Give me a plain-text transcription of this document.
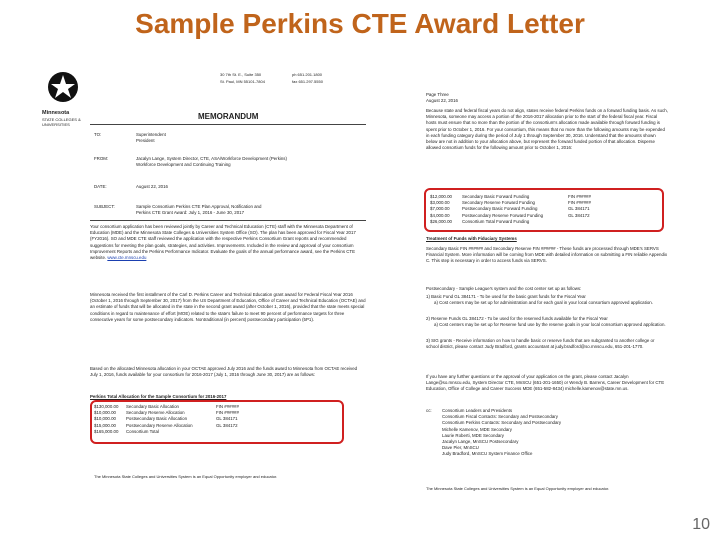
Sample Perkins CTE Award Letter
Minnesota
STATE COLLEGES & UNIVERSITIES
30 7th St. E., Suite 350
St. Paul, MN 55101-7804
ph 651.201.1800
fax 651.297.5550
MEMORANDUM
TO:	Superintendent
President
FROM:	Jacalyn Lange, System Director, CTE, ASA/Workforce Development (Perkins)
Workforce Development and Continuing Training
DATE:	August 22, 2016
SUBJECT:	Sample Consortium Perkins CTE Plan Approval, Notification and
Perkins CTE Grant Award: July 1, 2016 - June 30, 2017
Your consortium application has been reviewed jointly by Career and Technical Education (CTE) staff with the Minnesota Department of Education (MDE) and the Minnesota State Colleges & Universities System Office (SO). The plan has been approved for Fiscal Year 2017 (FY2016). SO and MDE CTE staff reviewed the application with the respective Perkins Consortium Grant reports and recommended suggestions for meeting the plan goals, strategies, and activities. Improvements. Included in the review and approval of your consortium Improvement Reports and the Perkins Performance Indicator. Evaluate the goals of the annual performance award, see the Perkins CTE website. www.cte.mnscu.edu
Minnesota received the first installment of the Carl D. Perkins Career and Technical Education grant award for Federal Fiscal Year 2016 (October 1, 2016 through September 30, 2017) from the US Department of Education, Office of Career and Technical Education (OCTAE) and an estimate of funds that will be allocated in the state in the second grant award (after October 1, 2016), provided that the state meets special conditions in regard to maintenance of effort (MOE) related to the state's failure to meet 90 percent of performance targets for three consecutive years for some postsecondary indicators. Nontraditional (in percent) postsecondary participation (5P1).
Based on the allocated Minnesota allocation in your OCTAE approved July 2016 and the funds award to Minnesota from OCTAE received July 1, 2016, funds available for your consortium for 2016-2017 (July 1, 2016 through June 30, 2017) are as follows:
Perkins Total Allocation for the Sample Consortium for 2016-2017
$130,000.00	Secondary Basic Allocation	FIN ######
$10,000.00	Secondary Reserve Allocation	FIN ######
$10,000.00	Postsecondary Basic Allocation	GL 384171
$15,000.00	Postsecondary Reserve Allocation	GL 384172
$165,000.00	Consortium Total
The Minnesota State Colleges and Universities System is an Equal Opportunity employer and educator.
Page Three
August 22, 2016
Because state and federal fiscal years do not align, states receive federal Perkins funds on a forward funding basis. As such, Minnesota, someone may access a portion of the 2016-2017 allocation prior to the start of the federal fiscal year. Fiscal hosts must ensure that no more than the portion of the consortium's allocation made available through forward funding is spent prior to October 1, 2016. For your consortium, this means that no more than the following amounts may be expended in each funding category during the period of July 1 through September 30, 2016. Understand that the amounts shown below are not in addition to your allocation above, but represent the forward funded portion of that allocation. Disperse allowed consortium funds for the following amount prior to October 1, 2016:
$12,000.00	Secondary Basic Forward Funding	FIN ######
$3,000.00	Secondary Reserve Forward Funding	FIN ######
$7,000.00	Postsecondary Basic Forward Funding	GL 384171
$4,000.00	Postsecondary Reserve Forward Funding	GL 384172
$26,000.00	Consortium Total Forward Funding
Treatment of Funds with Fiduciary Systems
Secondary Basic FIN ###### and Secondary Reserve FIN ###### - These funds are processed through MDE's SERVS Financial System. More information will be coming from MDE with detailed information on submitting a FIN reliable Appendix C. This step is necessary in order to access funds via SERVS.
Postsecondary - Sample League's system and the cost center set up as follows:
1) Basic Fund GL 384171 - To be used for the basic grant funds for the Fiscal Year
a) Cost centers may be set up for administration and for each goal in your local consortium approved application.
2) Reserve Funds GL 384172 - To be used for the reserved funds available for the Fiscal Year
a) Cost centers may be set up for Reserve fund use by the reserve goals in your local consortium approved application.
3) SIG grants - Receive information on how to handle basic or reserve funds that are subgranted to another college or school district, please contact Judy Bradford, grants accountant at judy.bradford@so.mnscu.edu, 651-201-1770.
If you have any further questions or the approval of your application on the grant, please contact Jacalyn Lange@so.mnscu.edu, System Director CTE, MnSCU (651-201-1650) or Wendy B. Barrens, Career Development for CTE Education, Office of College and Career Success MDE (651-582-8434) michelle.kamenov@state.mn.us.
cc: Consortium Leaders and Presidents
Consortium Fiscal Contacts: Secondary and Postsecondary
Consortium Perkins Contacts: Secondary and Postsecondary
Michelle Kamenov, MDE Secondary
Laurie Roberti, MDE Secondary
Jacalyn Lange, MnSCU Postsecondary
Dave Pier, MnSCU
Judy Bradford, MnSCU System Finance Office
The Minnesota State Colleges and Universities System is an Equal Opportunity employer and educator.
10
